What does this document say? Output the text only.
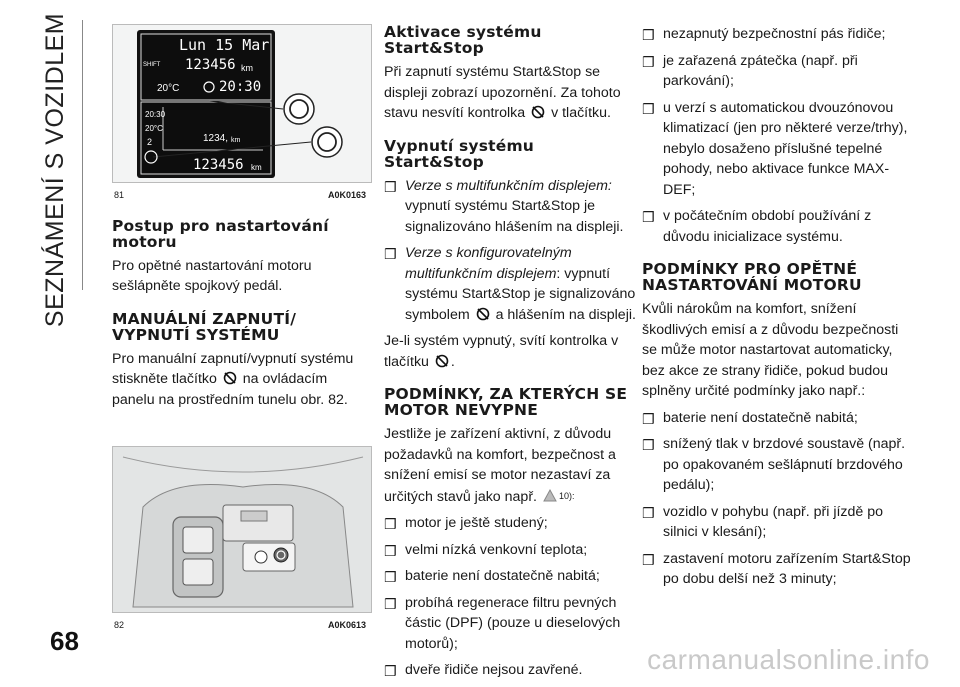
SEZNÁMENÍ S VOZIDLEM
68
carmanualsonline.info
Lun 15 Mar
SHIFT 123456 km
20°C	20:30
20:30
20°C
2	1234, km
123456 km
81	A0K0163
Postup pro nastartování motoru

Pro opětné nastartování motoru sešlápněte spojkový pedál.

MANUÁLNÍ ZAPNUTÍ/ VYPNUTÍ SYSTÉMU

Pro manuální zapnutí/vypnutí systému stiskněte tlačítko na ovládacím panelu na prostředním tunelu obr. 82.

82	A0K0613
Aktivace systému Start&Stop

Při zapnutí systému Start&Stop se displeji zobrazí upozornění. Za tohoto stavu nesvítí kontrolka v tlačítku.

Vypnutí systému Start&Stop
❒ Verze s multifunkčním displejem: vypnutí systému Start&Stop je signalizováno hlášením na displeji.
❒ Verze s konfigurovatelným multifunkčním displejem: vypnutí systému Start&Stop je signalizováno symbolem a hlášením na displeji.

Je-li systém vypnutý, svítí kontrolka v tlačítku .

PODMÍNKY, ZA KTERÝCH SE MOTOR NEVYPNE

Jestliže je zařízení aktivní, z důvodu požadavků na komfort, bezpečnost a snížení emisí se motor nezastaví za určitých stavů jako např. $^{10):}$

❒ motor je ještě studený;
❒ velmi nízká venkovní teplota;
❒ baterie není dostatečně nabitá;
❒ probíhá regenerace filtru pevných částic (DPF) (pouze u dieselových motorů);
❒ dveře řidiče nejsou zavřené.
❒ nezapnutý bezpečnostní pás řidiče;
❒ je zařazená zpátečka (např. při parkování);
❒ u verzí s automatickou dvouzónovou klimatizací (jen pro některé verze/trhy), nebylo dosaženo příslušné tepelné pohody, nebo aktivace funkce MAX-DEF;
❒ v počátečním období používání z důvodu inicializace systému.
PODMÍNKY PRO OPĚTNÉ NASTARTOVÁNÍ MOTORU

Kvůli nárokům na komfort, snížení škodlivých emisí a z důvodu bezpečnosti se může motor nastartovat automaticky, bez akce ze strany řidiče, pokud budou splněny určité podmínky jako např.:

❒ baterie není dostatečně nabitá;
❒ snížený tlak v brzdové soustavě (např. po opakovaném sešlápnutí brzdového pedálu);
❒ vozidlo v pohybu (např. při jízdě po silnici v klesání);
❒ zastavení motoru zařízením Start&Stop po dobu delší než 3 minuty;
